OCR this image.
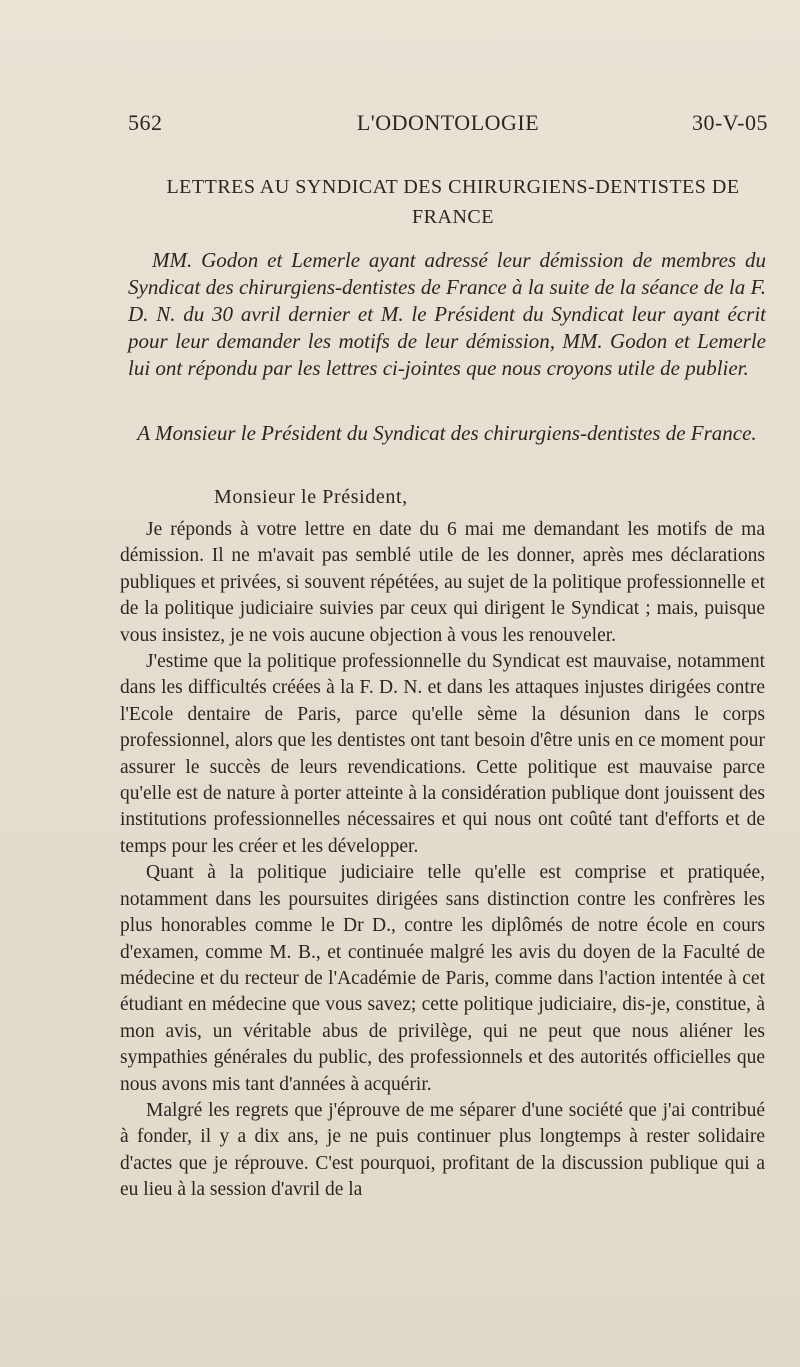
562	L'ODONTOLOGIE	30-V-05
LETTRES AU SYNDICAT DES CHIRURGIENS-DENTISTES DE FRANCE

MM. Godon et Lemerle ayant adressé leur démission de membres du Syndicat des chirurgiens-dentistes de France à la suite de la séance de la F. D. N. du 30 avril dernier et M. le Président du Syndicat leur ayant écrit pour leur demander les motifs de leur démission, MM. Godon et Lemerle lui ont répondu par les lettres ci-jointes que nous croyons utile de publier.

A Monsieur le Président du Syndicat des chirurgiens-dentistes de France.

Monsieur le Président,

Je réponds à votre lettre en date du 6 mai me demandant les motifs de ma démission. Il ne m'avait pas semblé utile de les donner, après mes déclarations publiques et privées, si souvent répétées, au sujet de la politique professionnelle et de la politique judiciaire suivies par ceux qui dirigent le Syndicat ; mais, puisque vous insistez, je ne vois aucune objection à vous les renouveler.

J'estime que la politique professionnelle du Syndicat est mauvaise, notamment dans les difficultés créées à la F. D. N. et dans les attaques injustes dirigées contre l'Ecole dentaire de Paris, parce qu'elle sème la désunion dans le corps professionnel, alors que les dentistes ont tant besoin d'être unis en ce moment pour assurer le succès de leurs revendications. Cette politique est mauvaise parce qu'elle est de nature à porter atteinte à la considération publique dont jouissent des institutions professionnelles nécessaires et qui nous ont coûté tant d'efforts et de temps pour les créer et les développer.

Quant à la politique judiciaire telle qu'elle est comprise et pratiquée, notamment dans les poursuites dirigées sans distinction contre les confrères les plus honorables comme le Dr D., contre les diplômés de notre école en cours d'examen, comme M. B., et continuée malgré les avis du doyen de la Faculté de médecine et du recteur de l'Académie de Paris, comme dans l'action intentée à cet étudiant en médecine que vous savez; cette politique judiciaire, dis-je, constitue, à mon avis, un véritable abus de privilège, qui ne peut que nous aliéner les sympathies générales du public, des professionnels et des autorités officielles que nous avons mis tant d'années à acquérir.

Malgré les regrets que j'éprouve de me séparer d'une société que j'ai contribué à fonder, il y a dix ans, je ne puis continuer plus longtemps à rester solidaire d'actes que je réprouve. C'est pourquoi, profitant de la discussion publique qui a eu lieu à la session d'avril de la
